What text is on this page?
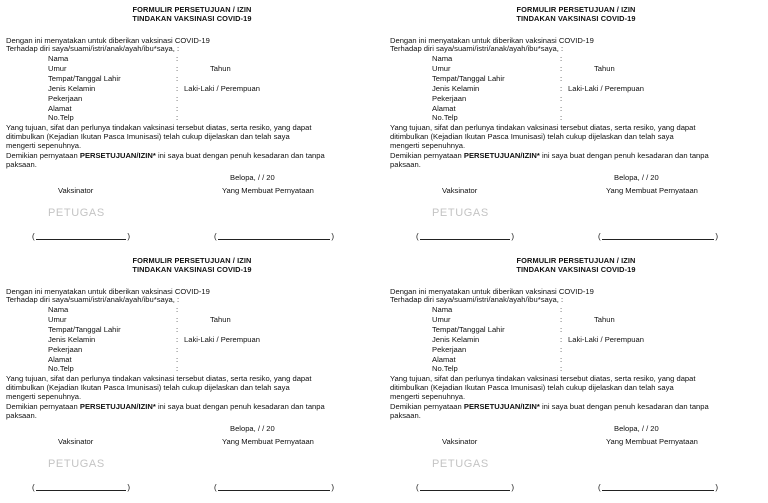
FORMULIR PERSETUJUAN / IZIN
TINDAKAN VAKSINASI COVID-19
Dengan ini menyatakan untuk diberikan vaksinasi COVID-19
Terhadap diri saya/suami/istri/anak/ayah/ibu*saya, :
Nama	:
Umur	:	Tahun
Tempat/Tanggal Lahir	:
Jenis Kelamin	: Laki-Laki / Perempuan
Pekerjaan	:
Alamat	:
No.Telp	:
Yang tujuan, sifat dan perlunya tindakan vaksinasi tersebut diatas, serta resiko, yang dapat
ditimbulkan (Kejadian Ikutan Pasca Imunisasi) telah cukup dijelaskan dan telah saya
mengerti sepenuhnya.
Demikian pernyataan PERSETUJUAN/IZIN* ini saya buat dengan penuh kesadaran dan tanpa
paksaan.
Belopa, / / 20
Vaksinator	Yang Membuat Pernyataan
PETUGAS
(	)	(	)
FORMULIR PERSETUJUAN / IZIN
TINDAKAN VAKSINASI COVID-19
Dengan ini menyatakan untuk diberikan vaksinasi COVID-19
Terhadap diri saya/suami/istri/anak/ayah/ibu*saya, :
Nama	:
Umur	:	Tahun
Tempat/Tanggal Lahir	:
Jenis Kelamin	: Laki-Laki / Perempuan
Pekerjaan	:
Alamat	:
No.Telp	:
Yang tujuan, sifat dan perlunya tindakan vaksinasi tersebut diatas, serta resiko, yang dapat
ditimbulkan (Kejadian Ikutan Pasca Imunisasi) telah cukup dijelaskan dan telah saya
mengerti sepenuhnya.
Demikian pernyataan PERSETUJUAN/IZIN* ini saya buat dengan penuh kesadaran dan tanpa
paksaan.
Belopa, / / 20
Vaksinator	Yang Membuat Pernyataan
PETUGAS
(	)	(	)
FORMULIR PERSETUJUAN / IZIN
TINDAKAN VAKSINASI COVID-19
Dengan ini menyatakan untuk diberikan vaksinasi COVID-19
Terhadap diri saya/suami/istri/anak/ayah/ibu*saya, :
Nama	:
Umur	:	Tahun
Tempat/Tanggal Lahir	:
Jenis Kelamin	: Laki-Laki / Perempuan
Pekerjaan	:
Alamat	:
No.Telp	:
Yang tujuan, sifat dan perlunya tindakan vaksinasi tersebut diatas, serta resiko, yang dapat
ditimbulkan (Kejadian Ikutan Pasca Imunisasi) telah cukup dijelaskan dan telah saya
mengerti sepenuhnya.
Demikian pernyataan PERSETUJUAN/IZIN* ini saya buat dengan penuh kesadaran dan tanpa
paksaan.
Belopa, / / 20
Vaksinator	Yang Membuat Pernyataan
PETUGAS
(	)	(	)
FORMULIR PERSETUJUAN / IZIN
TINDAKAN VAKSINASI COVID-19
Dengan ini menyatakan untuk diberikan vaksinasi COVID-19
Terhadap diri saya/suami/istri/anak/ayah/ibu*saya, :
Nama	:
Umur	:	Tahun
Tempat/Tanggal Lahir	:
Jenis Kelamin	: Laki-Laki / Perempuan
Pekerjaan	:
Alamat	:
No.Telp	:
Yang tujuan, sifat dan perlunya tindakan vaksinasi tersebut diatas, serta resiko, yang dapat
ditimbulkan (Kejadian Ikutan Pasca Imunisasi) telah cukup dijelaskan dan telah saya
mengerti sepenuhnya.
Demikian pernyataan PERSETUJUAN/IZIN* ini saya buat dengan penuh kesadaran dan tanpa
paksaan.
Belopa, / / 20
Vaksinator	Yang Membuat Pernyataan
PETUGAS
(	)	(	)
